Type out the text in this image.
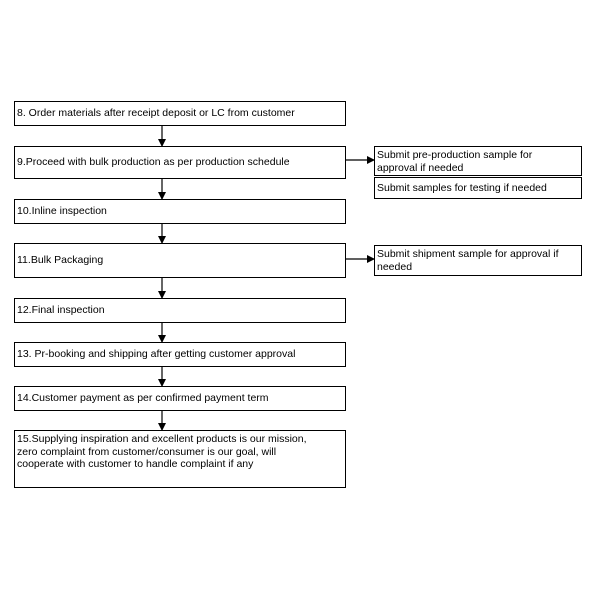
8. Order materials after receipt deposit or LC from customer
9.Proceed with bulk production as per production schedule
10.Inline inspection
11.Bulk Packaging
12.Final inspection
13. Pr-booking and shipping after getting customer approval
14.Customer payment as per confirmed payment term
15.Supplying inspiration and excellent products is our mission,
zero complaint from customer/consumer is our goal, will
cooperate with customer to handle complaint if any
Submit pre-production sample for
approval if needed
Submit samples for testing if needed
Submit shipment sample for approval if
needed
